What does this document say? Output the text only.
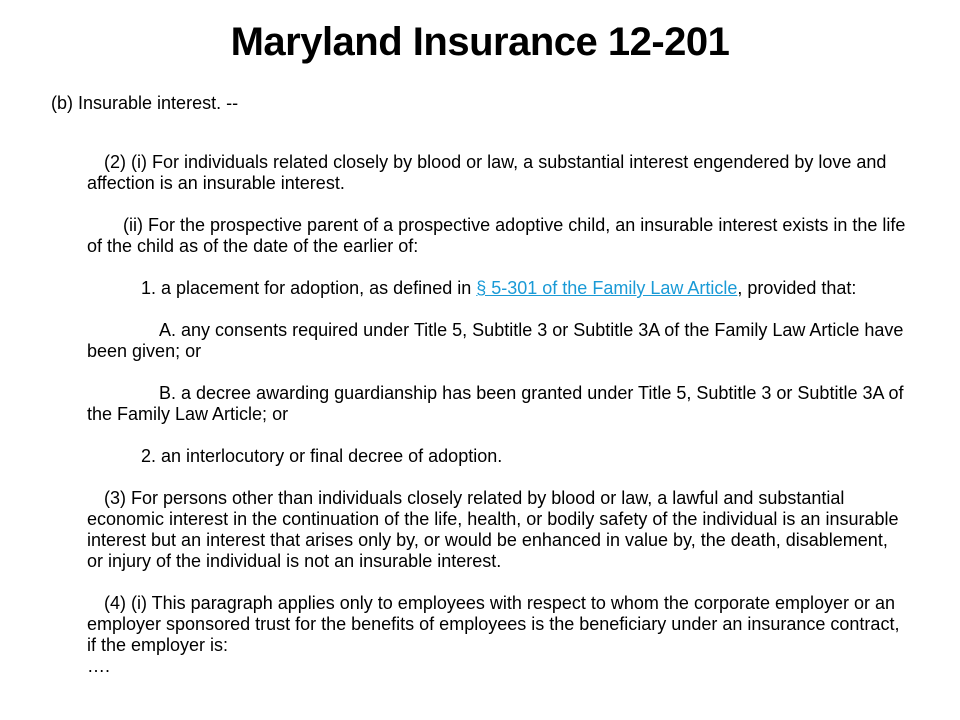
Maryland Insurance 12-201
(b) Insurable interest. --

(2) (i) For individuals related closely by blood or law, a substantial interest engendered by love and affection is an insurable interest.

(ii) For the prospective parent of a prospective adoptive child, an insurable interest exists in the life of the child as of the date of the earlier of:

1. a placement for adoption, as defined in § 5-301 of the Family Law Article, provided that:

A. any consents required under Title 5, Subtitle 3 or Subtitle 3A of the Family Law Article have been given; or

B. a decree awarding guardianship has been granted under Title 5, Subtitle 3 or Subtitle 3A of the Family Law Article; or

2. an interlocutory or final decree of adoption.

(3) For persons other than individuals closely related by blood or law, a lawful and substantial economic interest in the continuation of the life, health, or bodily safety of the individual is an insurable interest but an interest that arises only by, or would be enhanced in value by, the death, disablement, or injury of the individual is not an insurable interest.

(4) (i) This paragraph applies only to employees with respect to whom the corporate employer or an employer sponsored trust for the benefits of employees is the beneficiary under an insurance contract, if the employer is:

….
